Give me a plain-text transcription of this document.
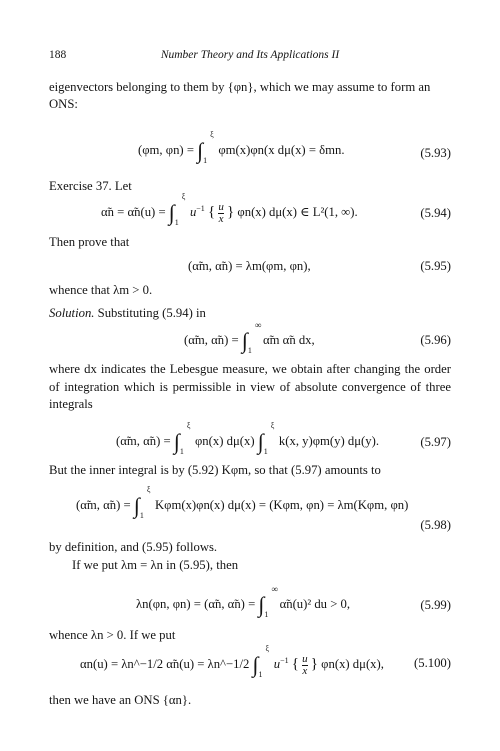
188	Number Theory and Its Applications II
eigenvectors belonging to them by {φn}, which we may assume to form an
ONS:
(φm, φn) = ∫
ξ
1
φm(x)φn(x dμ(x) = δmn.	(5.93)
Exercise 37. Let
α̃n = α̃n(u) = ∫
ξ
1
$u^{-1}$ { $\frac{u}{x}$ } φn(x) dμ(x) ∈ L²(1, ∞).	(5.94)
Then prove that
(α̃m, α̃n) = λm(φm, φn),	(5.95)
whence that λm > 0.
Solution. Substituting (5.94) in
(α̃m, α̃n) = ∫
∞
1
α̃m α̃n dx,	(5.96)
where dx indicates the Lebesgue measure, we obtain after changing the order of integration which is permissible in view of absolute convergence of three integrals
(α̃m, α̃n) = ∫
ξ
1
φn(x) dμ(x) ∫
ξ
1
k(x, y)φm(y) dμ(y).	(5.97)
But the inner integral is by (5.92) Kφm, so that (5.97) amounts to
(α̃m, α̃n) = ∫
ξ
1
Kφm(x)φn(x) dμ(x) = (Kφm, φn) = λm(Kφm, φn)
(5.98)
by definition, and (5.95) follows.
If we put λm = λn in (5.95), then
λn(φn, φn) = (α̃n, α̃n) = ∫
∞
1
α̃n(u)² du > 0,	(5.99)
whence λn > 0. If we put
αn(u) = λn^−1/2 α̃n(u) = λn^−1/2 ∫
ξ
1
$u^{-1}$ { $\frac{u}{x}$ } φn(x) dμ(x), (5.100)
then we have an ONS {αn}.
